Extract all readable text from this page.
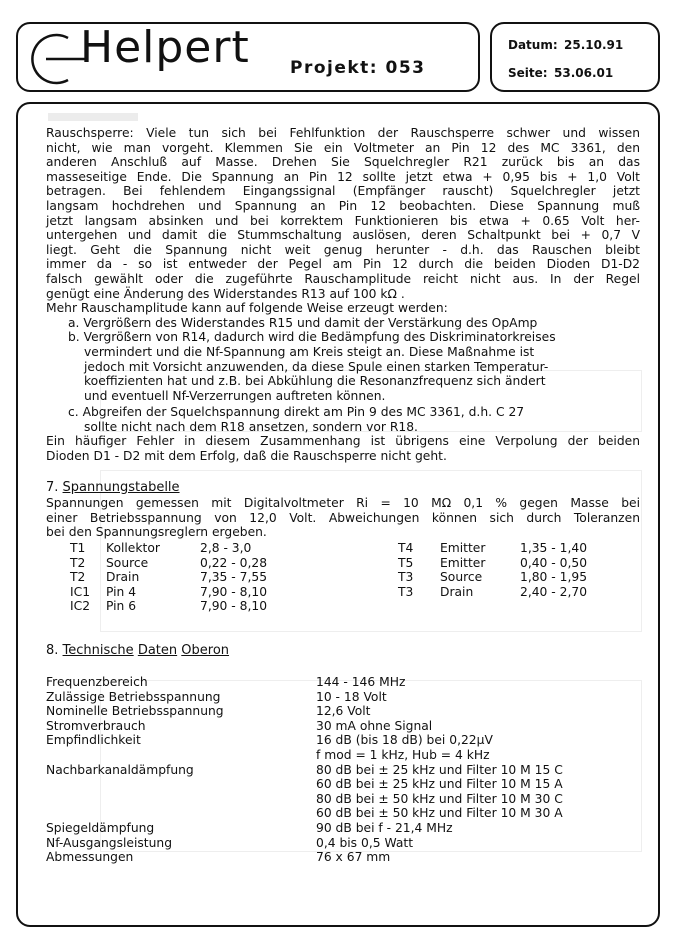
Helpert Projekt: 053
Datum: 25.10.91
Seite: 53.06.01
Rauschsperre: Viele tun sich bei Fehlfunktion der Rauschsperre schwer und wissen
nicht, wie man vorgeht. Klemmen Sie ein Voltmeter an Pin 12 des MC 3361, den
anderen Anschluß auf Masse. Drehen Sie Squelchregler R21 zurück bis an das
masseseitige Ende. Die Spannung an Pin 12 sollte jetzt etwa + 0,95 bis + 1,0 Volt
betragen. Bei fehlendem Eingangssignal (Empfänger rauscht) Squelchregler jetzt
langsam hochdrehen und Spannung an Pin 12 beobachten. Diese Spannung muß
jetzt langsam absinken und bei korrektem Funktionieren bis etwa + 0.65 Volt her-
untergehen und damit die Stummschaltung auslösen, deren Schaltpunkt bei + 0,7 V
liegt. Geht die Spannung nicht weit genug herunter - d.h. das Rauschen bleibt
immer da - so ist entweder der Pegel am Pin 12 durch die beiden Dioden D1-D2
falsch gewählt oder die zugeführte Rauschamplitude reicht nicht aus. In der Regel
genügt eine Änderung des Widerstandes R13 auf 100 kΩ .
Mehr Rauschamplitude kann auf folgende Weise erzeugt werden:
a. Vergrößern des Widerstandes R15 und damit der Verstärkung des OpAmp
b. Vergrößern von R14, dadurch wird die Bedämpfung des Diskriminatorkreises
vermindert und die Nf-Spannung am Kreis steigt an. Diese Maßnahme ist
jedoch mit Vorsicht anzuwenden, da diese Spule einen starken Temperatur-
koeffizienten hat und z.B. bei Abkühlung die Resonanzfrequenz sich ändert
und eventuell Nf-Verzerrungen auftreten können.
c. Abgreifen der Squelchspannung direkt am Pin 9 des MC 3361, d.h. C 27
sollte nicht nach dem R18 ansetzen, sondern vor R18.
Ein häufiger Fehler in diesem Zusammenhang ist übrigens eine Verpolung der beiden
Dioden D1 - D2 mit dem Erfolg, daß die Rauschsperre nicht geht.
7. Spannungstabelle
Spannungen gemessen mit Digitalvoltmeter Ri = 10 MΩ 0,1 % gegen Masse bei
einer Betriebsspannung von 12,0 Volt. Abweichungen können sich durch Toleranzen
bei den Spannungsreglern ergeben.
T1 Kollektor	2,8 - 3,0
T2 Source	0,22 - 0,28
T2 Drain	7,35 - 7,55
IC1 Pin 4	7,90 - 8,10
IC2 Pin 6	7,90 - 8,10
T4 Emitter	1,35 - 1,40
T5 Emitter	0,40 - 0,50
T3 Source	1,80 - 1,95
T3 Drain	2,40 - 2,70
8. Technische Daten Oberon
Frequenzbereich	144 - 146 MHz
Zulässige Betriebsspannung	10 - 18 Volt
Nominelle Betriebsspannung	12,6 Volt
Stromverbrauch	30 mA ohne Signal
Empfindlichkeit	16 dB (bis 18 dB) bei 0,22μV
f mod = 1 kHz, Hub = 4 kHz
Nachbarkanaldämpfung	80 dB bei ± 25 kHz und Filter 10 M 15 C
60 dB bei ± 25 kHz und Filter 10 M 15 A
80 dB bei ± 50 kHz und Filter 10 M 30 C
60 dB bei ± 50 kHz und Filter 10 M 30 A
Spiegeldämpfung	90 dB bei f - 21,4 MHz
Nf-Ausgangsleistung	0,4 bis 0,5 Watt
Abmessungen	76 x 67 mm
